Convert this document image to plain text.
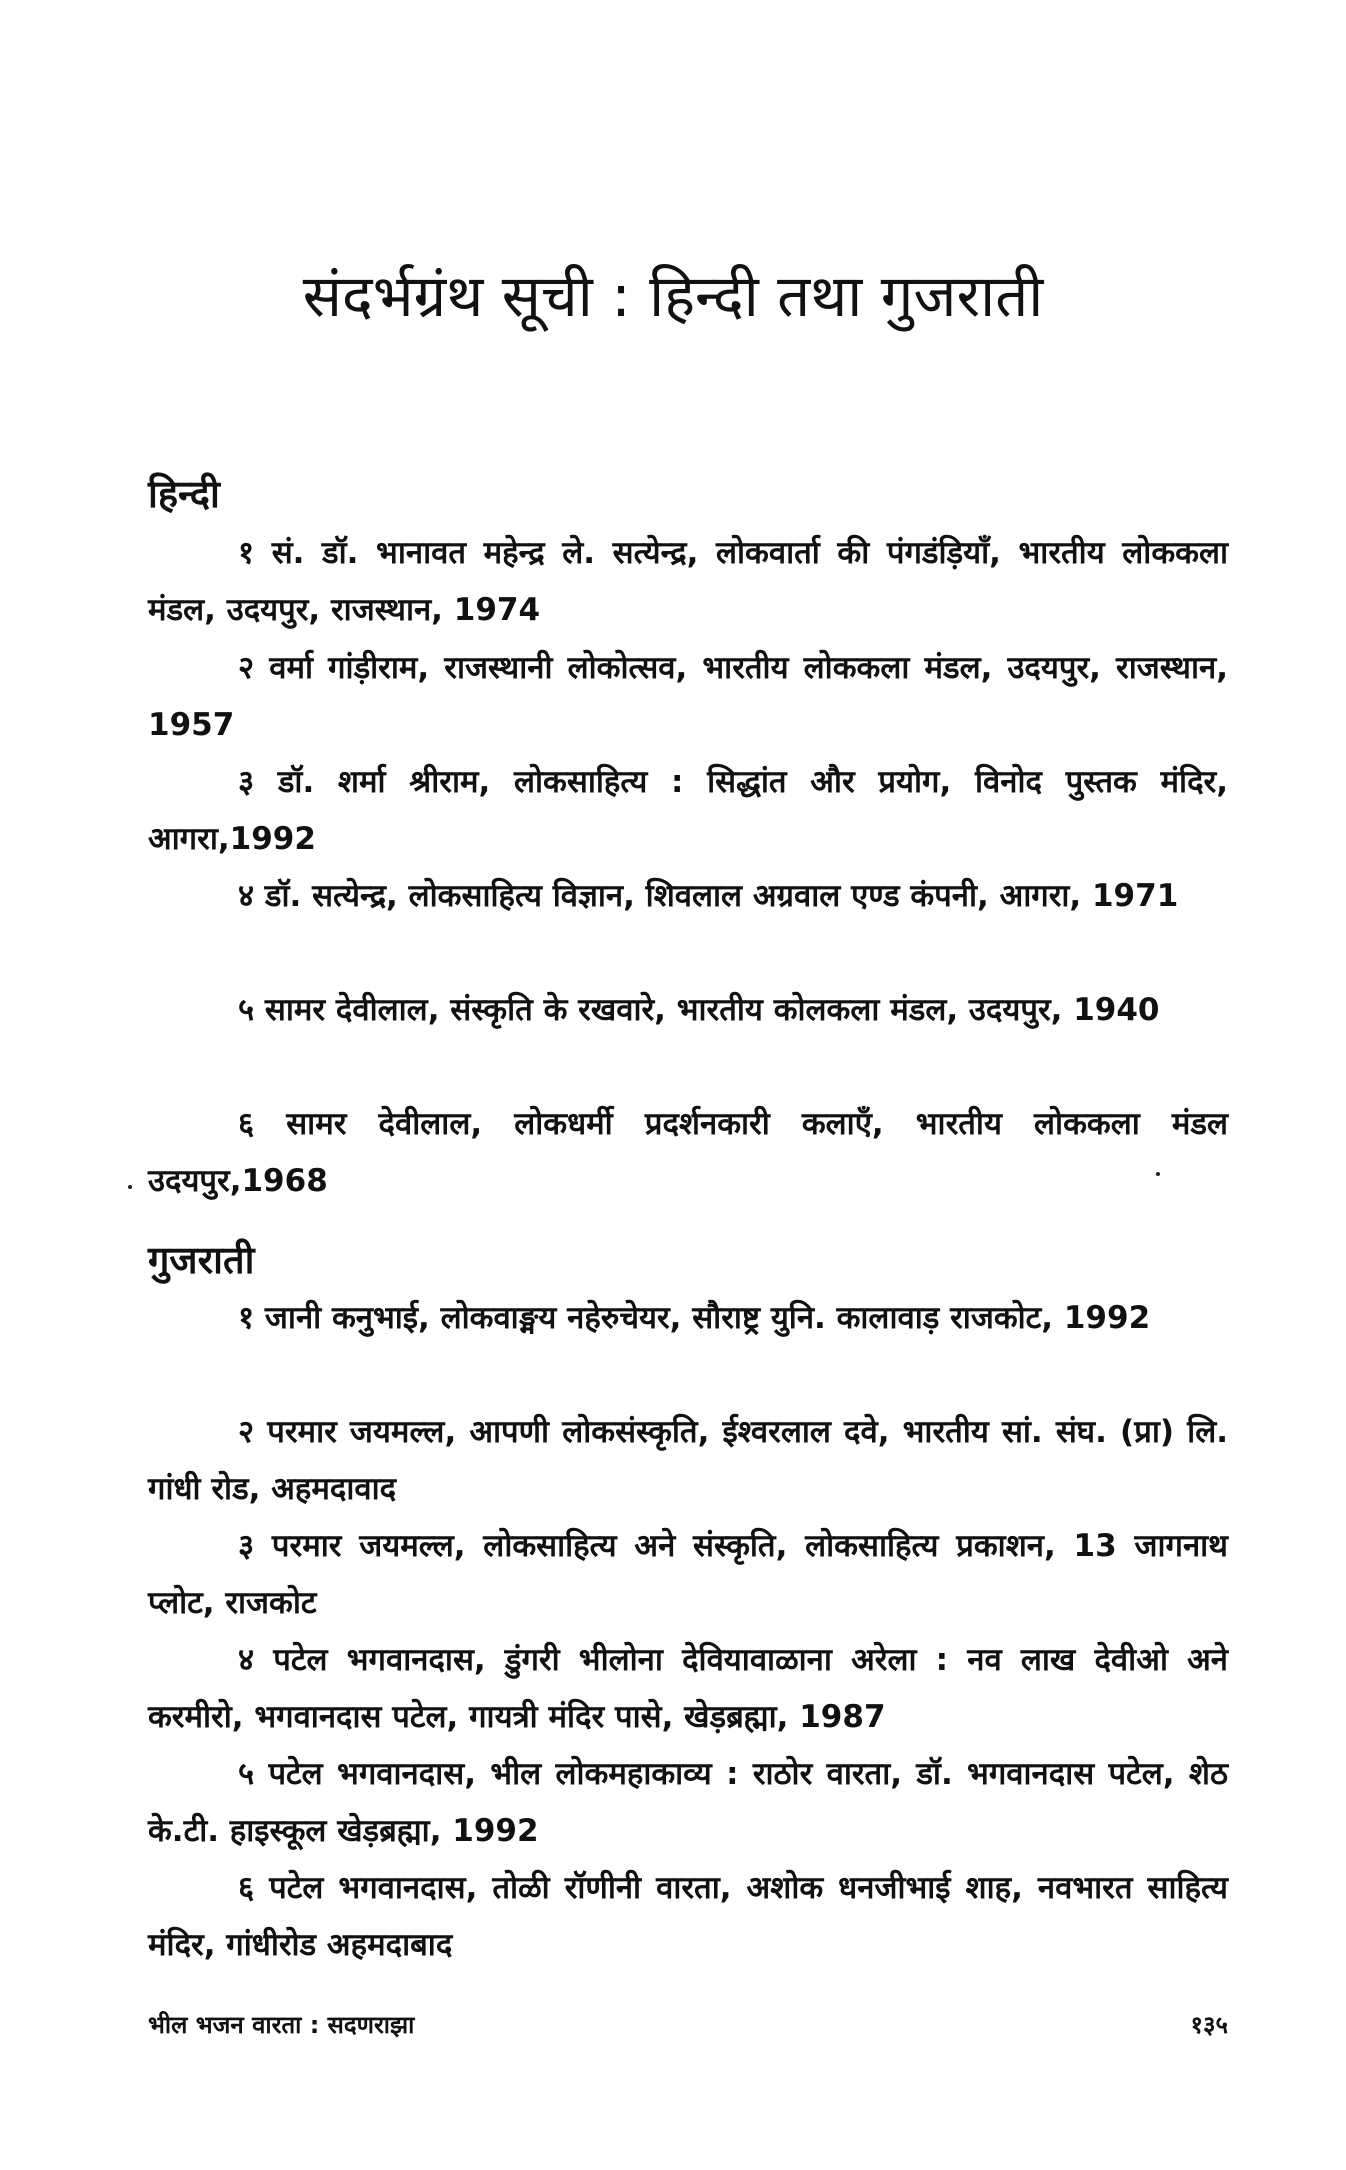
संदर्भग्रंथ सूची : हिन्दी तथा गुजराती
हिन्दी

१ सं. डॉ. भानावत महेन्द्र ले. सत्येन्द्र, लोकवार्ता की पंगडंड़ियाँ, भारतीय लोककला मंडल, उदयपुर, राजस्थान, 1974

२ वर्मा गांड़ीराम, राजस्थानी लोकोत्सव, भारतीय लोककला मंडल, उदयपुर, राजस्थान, 1957

३ डॉ. शर्मा श्रीराम, लोकसाहित्य : सिद्धांत और प्रयोग, विनोद पुस्तक मंदिर, आगरा,1992

४ डॉ. सत्येन्द्र, लोकसाहित्य विज्ञान, शिवलाल अग्रवाल एण्ड कंपनी, आगरा, 1971

५ सामर देवीलाल, संस्कृति के रखवारे, भारतीय कोलकला मंडल, उदयपुर, 1940

६ सामर देवीलाल, लोकधर्मी प्रदर्शनकारी कलाएँ, भारतीय लोककला मंडल उदयपुर,1968

गुजराती

१ जानी कनुभाई, लोकवाङ्मय नहेरुचेयर, सौराष्ट्र युनि. कालावाड़ राजकोट, 1992

२ परमार जयमल्ल, आपणी लोकसंस्कृति, ईश्वरलाल दवे, भारतीय सां. संघ. (प्रा) लि. गांधी रोड, अहमदावाद

३ परमार जयमल्ल, लोकसाहित्य अने संस्कृति, लोकसाहित्य प्रकाशन, 13 जागनाथ प्लोट, राजकोट

४ पटेल भगवानदास, डुंगरी भीलोना देवियावाळाना अरेला : नव लाख देवीओ अने करमीरो, भगवानदास पटेल, गायत्री मंदिर पासे, खेड़ब्रह्मा, 1987

५ पटेल भगवानदास, भील लोकमहाकाव्य : राठोर वारता, डॉ. भगवानदास पटेल, शेठ के.टी. हाइस्कूल खेड़ब्रह्मा, 1992

६ पटेल भगवानदास, तोळी रॉणीनी वारता, अशोक धनजीभाई शाह, नवभारत साहित्य मंदिर, गांधीरोड अहमदाबाद

भील भजन वारता : सदणराझा	१३५
